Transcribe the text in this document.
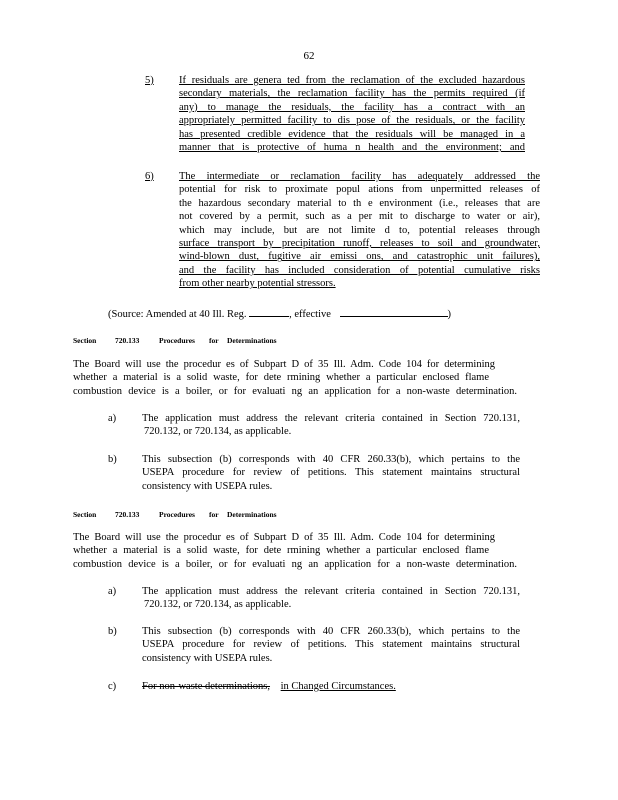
62
5) If residuals are genera ted from the reclamation of the excluded hazardous
secondary materials, the reclamation facility has the permits required (if
any) to manage the residuals, the facility has a contract with an
appropriately permitted facility to dis pose of the residuals, or the facility
has presented credible evidence that the residuals will be managed in a
manner that is protective of huma n health and the environment; and
6) The intermediate or reclamation facility has adequately addressed the
potential for risk to proximate popul ations from unpermitted releases of
the hazardous secondary material to th e environment (i.e., releases that are
not covered by a permit, such as a per mit to discharge to water or air),
which may include, but are not limite d to, potential releases through
surface transport by precipitation runoff, releases to soil and groundwater,
wind-blown dust, fugitive air emissi ons, and catastrophic unit failures),
and the facility has included consideration of potential cumulative risks
from other nearby potential stressors.
(Source: Amended at 40 Ill. Reg.	, effective	)
Section 720.133	Procedures for Determinations
The Board will use the procedur es of Subpart D of 35 Ill. Adm. Code 104 for determining
whether a material is a solid waste, for dete rmining whether a particular enclosed flame
combustion device is a boiler, or for evaluati ng an application for a non-waste determination.
a) The application must address the relevant criteria contained in Section 720.131,
720.132, or 720.134, as applicable.
b) This subsection (b) corresponds with 40 CFR 260.33(b), which pertains to the
USEPA procedure for review of petitions. This statement maintains structural
consistency with USEPA rules.
Section 720.133	Procedures for Determinations
The Board will use the procedur es of Subpart D of 35 Ill. Adm. Code 104 for determining
whether a material is a solid waste, for dete rmining whether a particular enclosed flame
combustion device is a boiler, or for evaluati ng an application for a non-waste determination.
a) The application must address the relevant criteria contained in Section 720.131,
720.132, or 720.134, as applicable.
b) This subsection (b) corresponds with 40 CFR 260.33(b), which pertains to the
USEPA procedure for review of petitions. This statement maintains structural
consistency with USEPA rules.
c) For non-waste determinations, in Changed Circumstances.
